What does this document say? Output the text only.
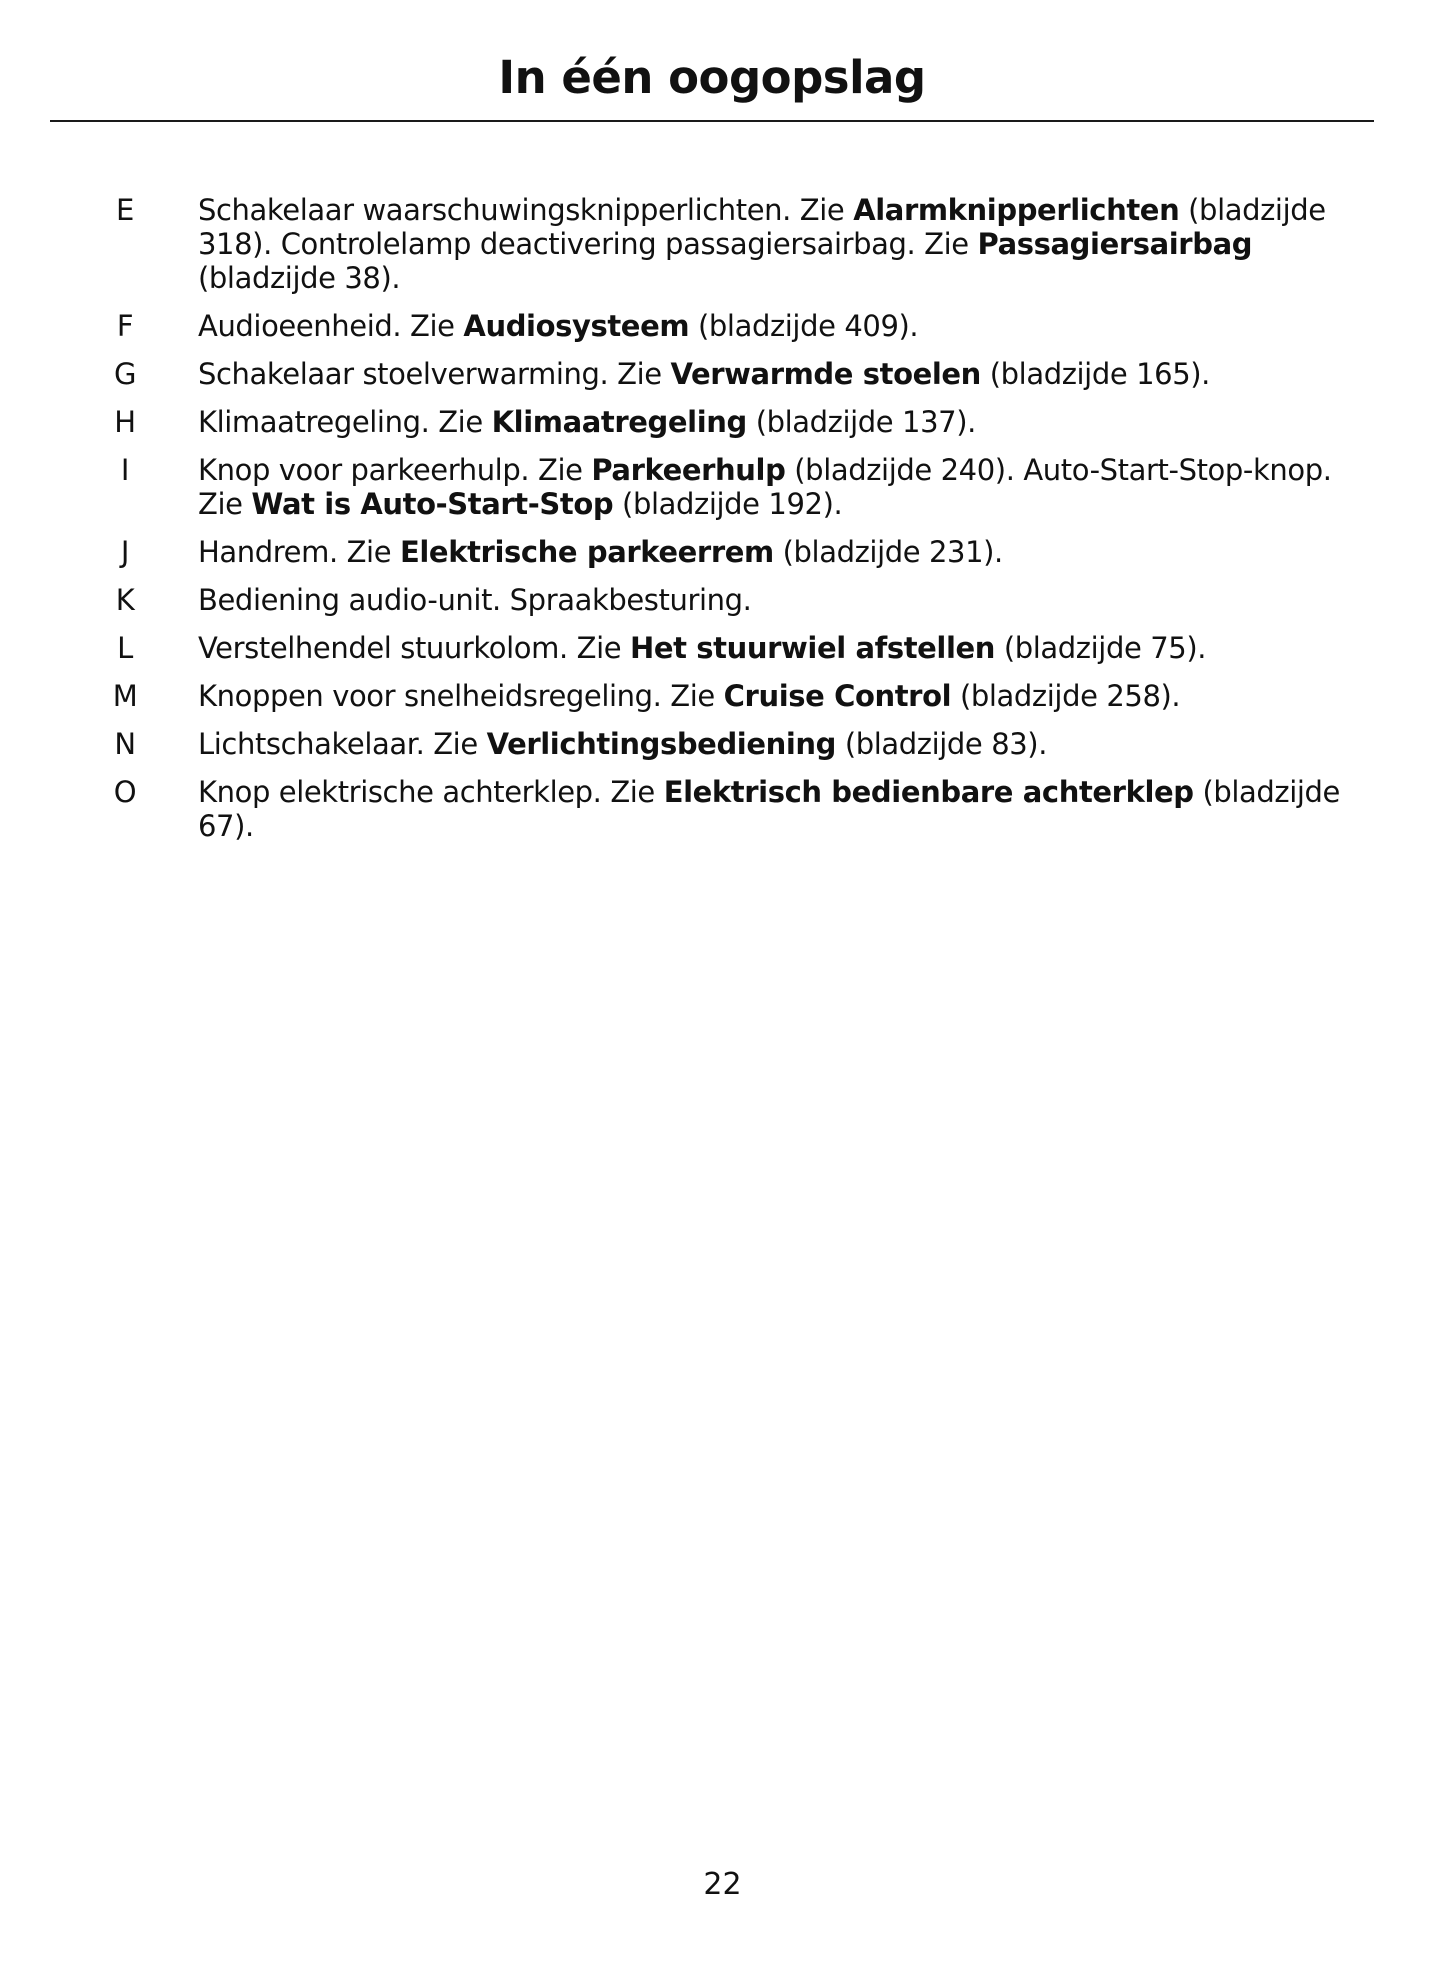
In één oogopslag
E Schakelaar waarschuwingsknipperlichten. Zie Alarmknipperlichten (bladzijde 318). Controlelamp deactivering passagiersairbag. Zie Passagiersairbag (bladzijde 38).
F Audioeenheid. Zie Audiosysteem (bladzijde 409).
G Schakelaar stoelverwarming. Zie Verwarmde stoelen (bladzijde 165).
H Klimaatregeling. Zie Klimaatregeling (bladzijde 137).
I	Knop voor parkeerhulp. Zie Parkeerhulp (bladzijde 240). Auto-Start-Stop-knop. Zie Wat is Auto-Start-Stop (bladzijde 192).
J	Handrem. Zie Elektrische parkeerrem (bladzijde 231).
K Bediening audio-unit. Spraakbesturing.
L Verstelhendel stuurkolom. Zie Het stuurwiel afstellen (bladzijde 75).
M Knoppen voor snelheidsregeling. Zie Cruise Control (bladzijde 258).
N Lichtschakelaar. Zie Verlichtingsbediening (bladzijde 83).
O Knop elektrische achterklep. Zie Elektrisch bedienbare achterklep (bladzijde 67).
22
